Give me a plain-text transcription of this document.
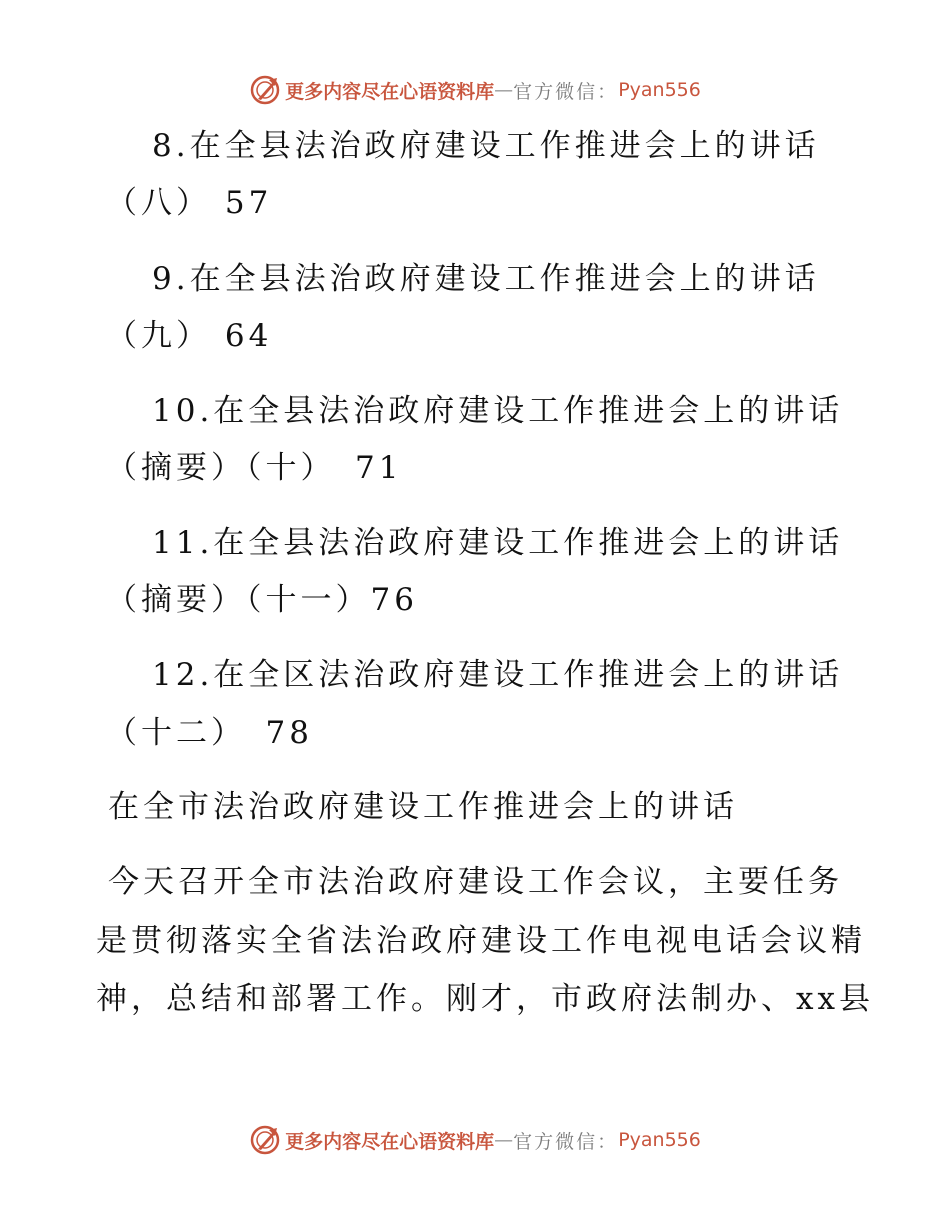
更多内容尽在心语资料库 — 官方微信： Pyan556
8.在全县法治政府建设工作推进会上的讲话
（八） 57
9.在全县法治政府建设工作推进会上的讲话
（九） 64
10.在全县法治政府建设工作推进会上的讲话
（摘要）（十）　71
11.在全县法治政府建设工作推进会上的讲话
（摘要）（十一）76
12.在全区法治政府建设工作推进会上的讲话
（十二）　78
在全市法治政府建设工作推进会上的讲话
今天召开全市法治政府建设工作会议，主要任务
是贯彻落实全省法治政府建设工作电视电话会议精
神，总结和部署工作。刚才，市政府法制办、xx县
更多内容尽在心语资料库 — 官方微信： Pyan556
